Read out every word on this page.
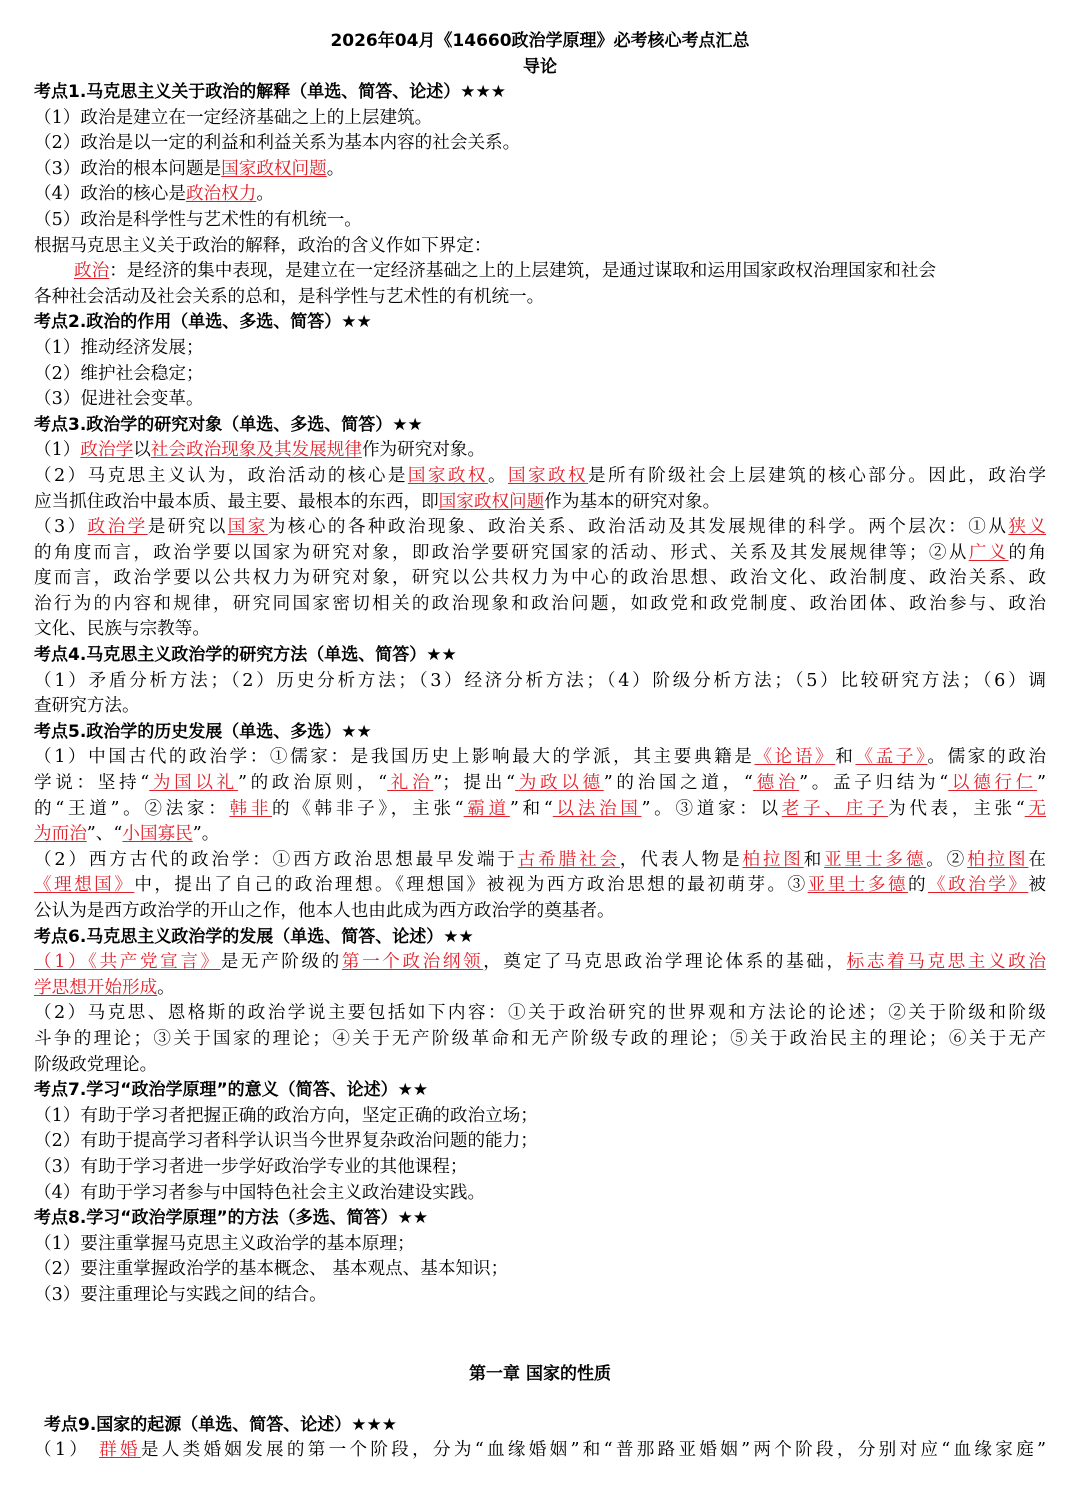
2026年04月《14660政治学原理》必考核心考点汇总
导论
考点1.马克思主义关于政治的解释（单选、简答、论述）★★★
（1）政治是建立在一定经济基础之上的上层建筑。
（2）政治是以一定的利益和利益关系为基本内容的社会关系。
（3）政治的根本问题是国家政权问题。
（4）政治的核心是政治权力。
（5）政治是科学性与艺术性的有机统一。
根据马克思主义关于政治的解释，政治的含义作如下界定：
政治：是经济的集中表现，是建立在一定经济基础之上的上层建筑，是通过谋取和运用国家政权治理国家和社会
各种社会活动及社会关系的总和，是科学性与艺术性的有机统一。
考点2.政治的作用（单选、多选、简答）★★
（1）推动经济发展；
（2）维护社会稳定；
（3）促进社会变革。
考点3.政治学的研究对象（单选、多选、简答）★★
（1）政治学以社会政治现象及其发展规律作为研究对象。
（2）马克思主义认为，政治活动的核心是国家政权。国家政权是所有阶级社会上层建筑的核心部分。因此，政治学
应当抓住政治中最本质、最主要、最根本的东西，即国家政权问题作为基本的研究对象。
（3）政治学是研究以国家为核心的各种政治现象、政治关系、政治活动及其发展规律的科学。两个层次：①从狭义
的角度而言，政治学要以国家为研究对象，即政治学要研究国家的活动、形式、关系及其发展规律等；②从广义的角
度而言，政治学要以公共权力为研究对象，研究以公共权力为中心的政治思想、政治文化、政治制度、政治关系、政
治行为的内容和规律，研究同国家密切相关的政治现象和政治问题，如政党和政党制度、政治团体、政治参与、政治
文化、民族与宗教等。
考点4.马克思主义政治学的研究方法（单选、简答）★★
（1）矛盾分析方法；（2）历史分析方法；（3）经济分析方法；（4）阶级分析方法；（5）比较研究方法；（6）调
查研究方法。
考点5.政治学的历史发展（单选、多选）★★
（1）中国古代的政治学：①儒家：是我国历史上影响最大的学派，其主要典籍是《论语》和《孟子》。儒家的政治
学说：坚持“为国以礼”的政治原则，“礼治”；提出“为政以德”的治国之道，“德治”。孟子归结为“以德行仁”
的“王道”。②法家：韩非的《韩非子》，主张“霸道”和“以法治国”。③道家：以老子、庄子为代表，主张“无
为而治”、“小国寡民”。
（2）西方古代的政治学：①西方政治思想最早发端于古希腊社会，代表人物是柏拉图和亚里士多德。②柏拉图在
《理想国》中，提出了自己的政治理想。《理想国》被视为西方政治思想的最初萌芽。③亚里士多德的《政治学》被
公认为是西方政治学的开山之作，他本人也由此成为西方政治学的奠基者。
考点6.马克思主义政治学的发展（单选、简答、论述）★★
（1）《共产党宣言》是无产阶级的第一个政治纲领，奠定了马克思政治学理论体系的基础，标志着马克思主义政治
学思想开始形成。
（2）马克思、恩格斯的政治学说主要包括如下内容：①关于政治研究的世界观和方法论的论述；②关于阶级和阶级
斗争的理论；③关于国家的理论；④关于无产阶级革命和无产阶级专政的理论；⑤关于政治民主的理论；⑥关于无产
阶级政党理论。
考点7.学习“政治学原理”的意义（简答、论述）★★
（1）有助于学习者把握正确的政治方向，坚定正确的政治立场；
（2）有助于提高学习者科学认识当今世界复杂政治问题的能力；
（3）有助于学习者进一步学好政治学专业的其他课程；
（4）有助于学习者参与中国特色社会主义政治建设实践。
考点8.学习“政治学原理”的方法（多选、简答）★★
（1）要注重掌握马克思主义政治学的基本原理；
（2）要注重掌握政治学的基本概念、 基本观点、基本知识；
（3）要注重理论与实践之间的结合。
第一章 国家的性质
考点9.国家的起源（单选、简答、论述）★★★
（1） 群婚是人类婚姻发展的第一个阶段，分为“血缘婚姻”和“普那路亚婚姻”两个阶段，分别对应“血缘家庭”
